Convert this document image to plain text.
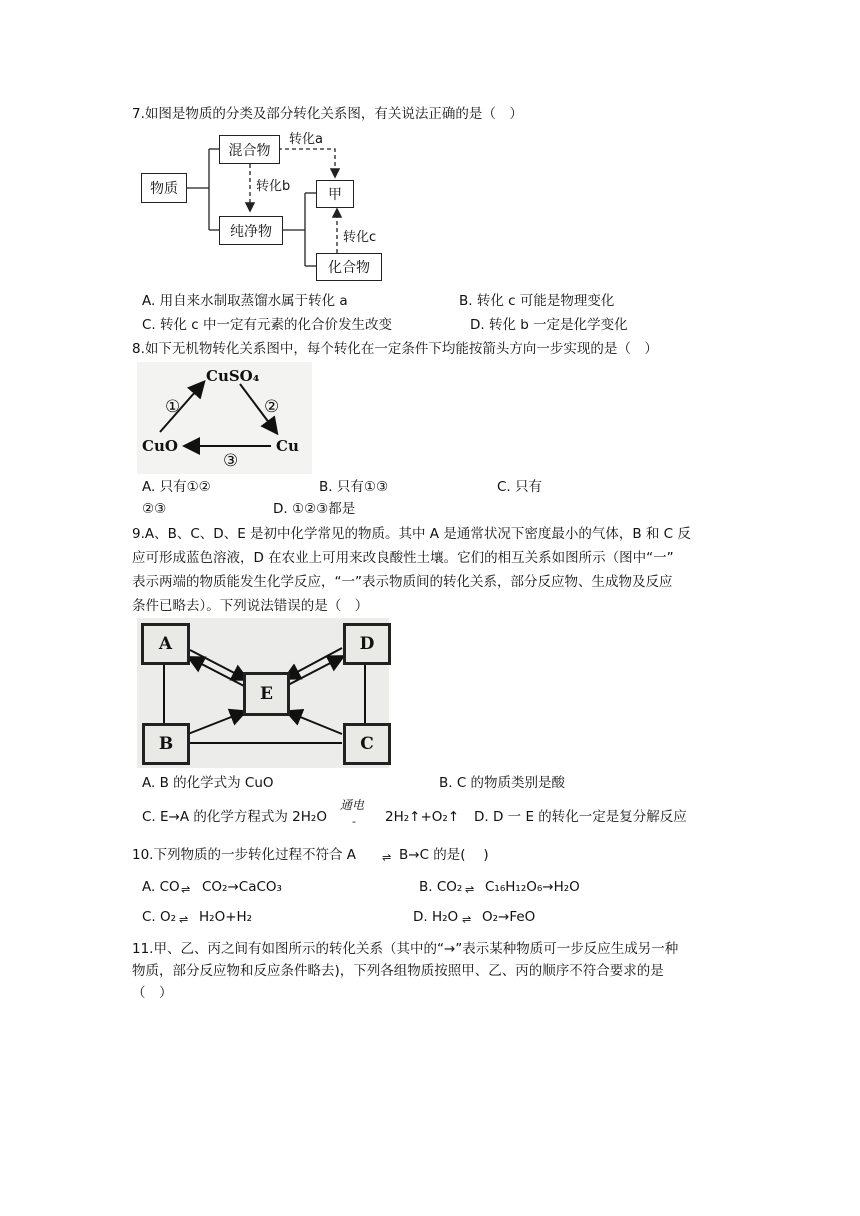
7.如图是物质的分类及部分转化关系图，有关说法正确的是（　）
物质
混合物
纯净物
甲
化合物
转化a
转化b
转化c
A. 用自来水制取蒸馏水属于转化 a	B. 转化 c 可能是物理变化
C. 转化 c 中一定有元素的化合价发生改变	D. 转化 b 一定是化学变化
8.如下无机物转化关系图中，每个转化在一定条件下均能按箭头方向一步实现的是（　）
CuSO₄
CuO	Cu
①	②
③
A. 只有①②	B. 只有①③	C. 只有
②③	D. ①②③都是
9.A、B、C、D、E 是初中化学常见的物质。其中 A 是通常状况下密度最小的气体，B 和 C 反
应可形成蓝色溶液，D 在农业上可用来改良酸性土壤。它们的相互关系如图所示（图中“一”
表示两端的物质能发生化学反应，“一”表示物质间的转化关系，部分反应物、生成物及反应
条件已略去）。下列说法错误的是（　）
A	D
E
B	C
A. B 的化学式为 CuO	B. C 的物质类别是酸
C. E→A 的化学方程式为 2H₂O
通电
- 2H₂↑+O₂↑ D. D 一 E 的转化一定是复分解反应
10.下列物质的一步转化过程不符合 A ⇌ B→C 的是(　 )
A. CO ⇌ CO₂→CaCO₃	B. CO₂ ⇌ C₁₆H₁₂O₆→H₂O
C. O₂ ⇌ H₂O+H₂	D. H₂O ⇌ O₂→FeO
11.甲、乙、丙之间有如图所示的转化关系（其中的“→”表示某种物质可一步反应生成另一种
物质，部分反应物和反应条件略去)，下列各组物质按照甲、乙、丙的顺序不符合要求的是
（　）
